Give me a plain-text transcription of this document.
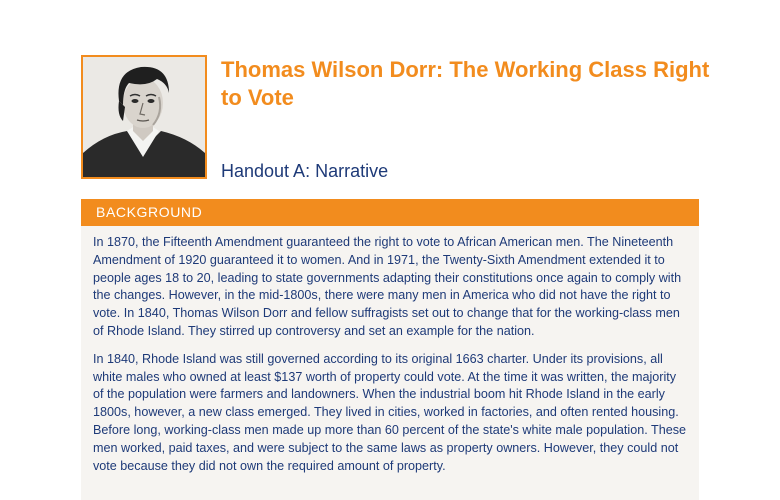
Thomas Wilson Dorr: The Working Class Right to Vote
Handout A: Narrative
BACKGROUND

In 1870, the Fifteenth Amendment guaranteed the right to vote to African American men. The Nineteenth Amendment of 1920 guaranteed it to women. And in 1971, the Twenty-Sixth Amendment extended it to people ages 18 to 20, leading to state governments adapting their constitutions once again to comply with the changes. However, in the mid-1800s, there were many men in America who did not have the right to vote. In 1840, Thomas Wilson Dorr and fellow suffragists set out to change that for the working-class men of Rhode Island. They stirred up controversy and set an example for the nation.

In 1840, Rhode Island was still governed according to its original 1663 charter. Under its provisions, all white males who owned at least $137 worth of property could vote. At the time it was written, the majority of the population were farmers and landowners. When the industrial boom hit Rhode Island in the early 1800s, however, a new class emerged. They lived in cities, worked in factories, and often rented housing. Before long, working-class men made up more than 60 percent of the state's white male population. These men worked, paid taxes, and were subject to the same laws as property owners. However, they could not vote because they did not own the required amount of property.
